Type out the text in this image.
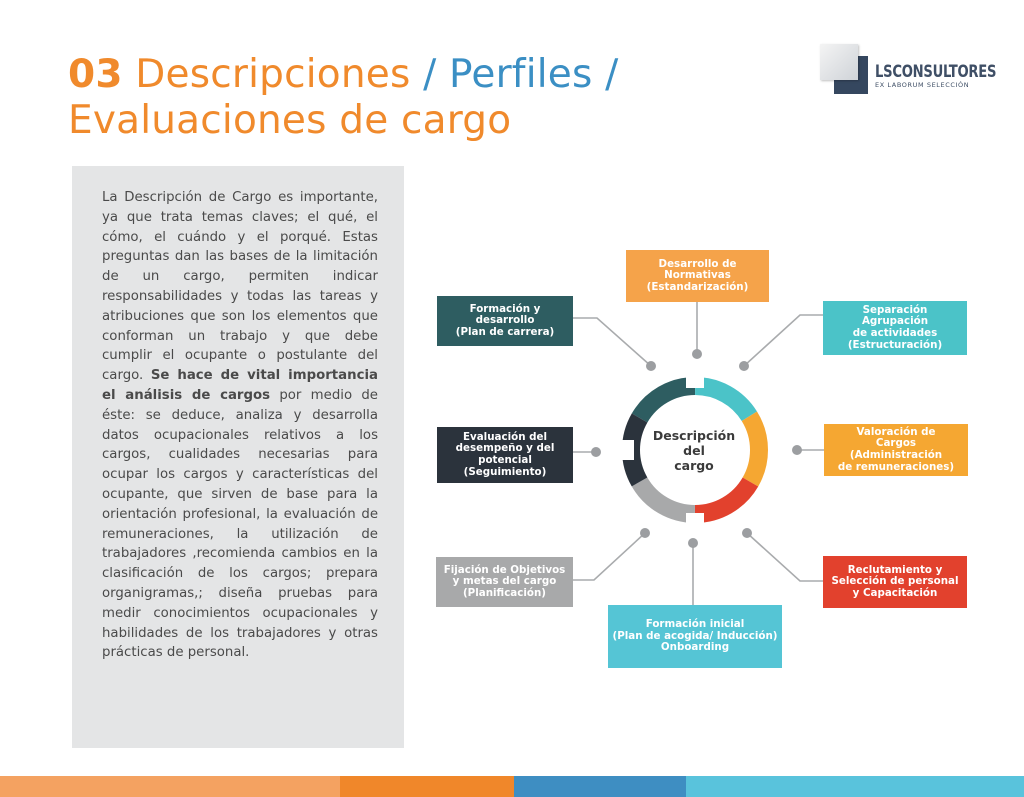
03 Descripciones / Perfiles /
Evaluaciones de cargo
LSCONSULTORES
EX LABORUM SELECCIÓN
La Descripción de Cargo es importante, ya que trata temas claves; el qué, el cómo, el cuándo y el porqué. Estas preguntas dan las bases de la limitación de un cargo, permiten indicar responsabilidades y todas las tareas y atribuciones que son los elementos que conforman un trabajo y que debe cumplir el ocupante o postulante del cargo. Se hace de vital importancia el análisis de cargos por medio de éste: se deduce, analiza y desarrolla datos ocupacionales relativos a los cargos, cualidades necesarias para ocupar los cargos y características del ocupante, que sirven de base para la orientación profesional, la evaluación de remuneraciones, la utilización de trabajadores ,recomienda cambios en la clasificación de los cargos; prepara organigramas,; diseña pruebas para medir conocimientos ocupacionales y habilidades de los trabajadores y otras prácticas de personal.
Descripción
del
cargo
Desarrollo de
Normativas
(Estandarización)
Formación y
desarrollo
(Plan de carrera)
Separación
Agrupación
de actividades
(Estructuración)
Valoración de
Cargos (Administración
de remuneraciones)
Evaluación del
desempeño y del
potencial
(Seguimiento)
Fijación de Objetivos
y metas del cargo
(Planificación)
Reclutamiento y
Selección de personal
y Capacitación
Formación inicial
(Plan de acogida/ Inducción)
Onboarding
